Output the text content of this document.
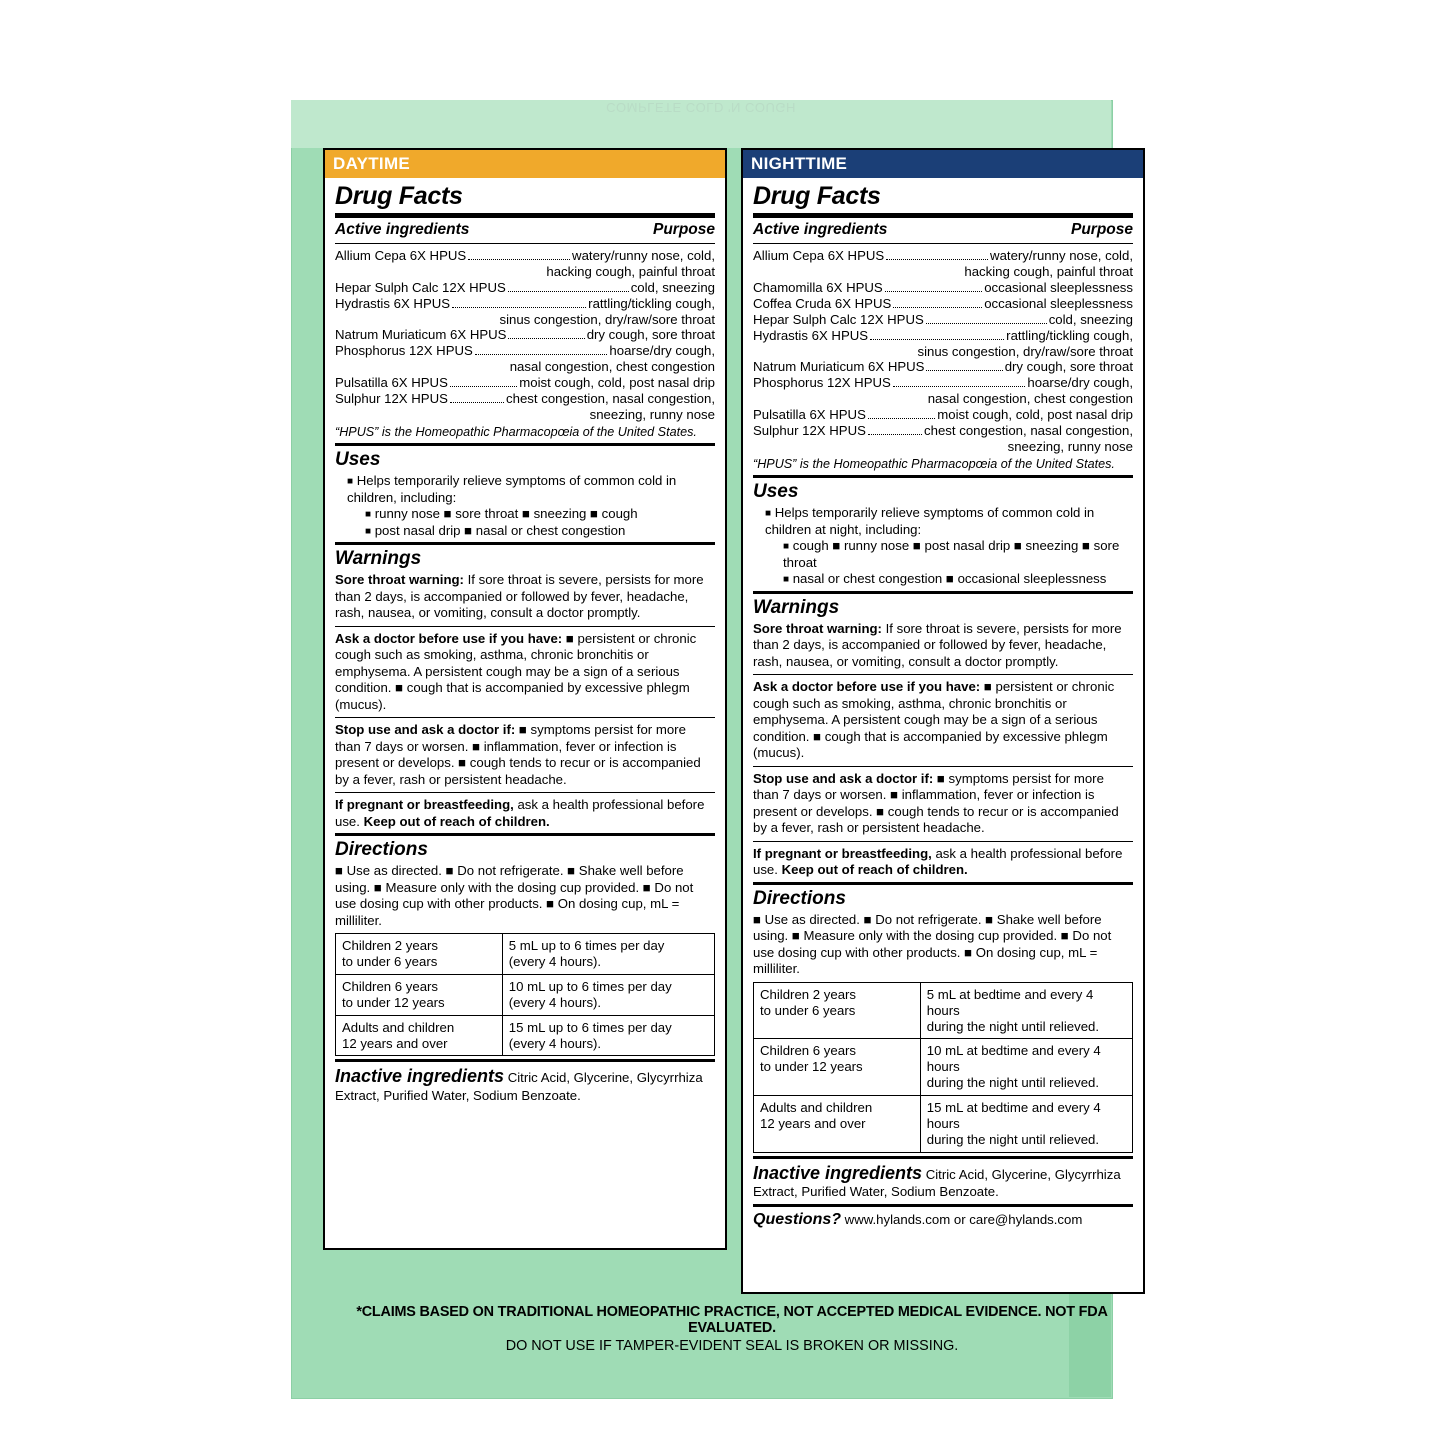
COMPLETE COLD 'N COUGH
DAYTIME
Drug Facts
Active ingredients	Purpose
Allium Cepa 6X HPUS	watery/runny nose, cold,
hacking cough, painful throat
Hepar Sulph Calc 12X HPUS	cold, sneezing
Hydrastis 6X HPUS	rattling/tickling cough,
sinus congestion, dry/raw/sore throat
Natrum Muriaticum 6X HPUS	dry cough, sore throat
Phosphorus 12X HPUS	hoarse/dry cough,
nasal congestion, chest congestion
Pulsatilla 6X HPUS	moist cough, cold, post nasal drip
Sulphur 12X HPUS	chest congestion, nasal congestion,
sneezing, runny nose
“HPUS” is the Homeopathic Pharmacopœia of the United States.
Uses
■ Helps temporarily relieve symptoms of common cold in children, including:
■ runny nose ■ sore throat ■ sneezing ■ cough
■ post nasal drip ■ nasal or chest congestion
Warnings
Sore throat warning: If sore throat is severe, persists for more than 2 days, is accompanied or followed by fever, headache, rash, nausea, or vomiting, consult a doctor promptly.
Ask a doctor before use if you have: ■ persistent or chronic cough such as smoking, asthma, chronic bronchitis or emphysema. A persistent cough may be a sign of a serious condition. ■ cough that is accompanied by excessive phlegm (mucus).
Stop use and ask a doctor if: ■ symptoms persist for more than 7 days or worsen. ■ inflammation, fever or infection is present or develops. ■ cough tends to recur or is accompanied by a fever, rash or persistent headache.
If pregnant or breastfeeding, ask a health professional before use. Keep out of reach of children.
Directions
■ Use as directed. ■ Do not refrigerate. ■ Shake well before using. ■ Measure only with the dosing cup provided. ■ Do not use dosing cup with other products. ■ On dosing cup, mL = milliliter.
Children 2 years
to under 6 years	5 mL up to 6 times per day
(every 4 hours).
Children 6 years
to under 12 years	10 mL up to 6 times per day
(every 4 hours).
Adults and children
12 years and over	15 mL up to 6 times per day
(every 4 hours).
Inactive ingredients Citric Acid, Glycerine, Glycyrrhiza Extract, Purified Water, Sodium Benzoate.
NIGHTTIME
Drug Facts
Active ingredients	Purpose
Allium Cepa 6X HPUS	watery/runny nose, cold,
hacking cough, painful throat
Chamomilla 6X HPUS	occasional sleeplessness
Coffea Cruda 6X HPUS	occasional sleeplessness
Hepar Sulph Calc 12X HPUS	cold, sneezing
Hydrastis 6X HPUS	rattling/tickling cough,
sinus congestion, dry/raw/sore throat
Natrum Muriaticum 6X HPUS	dry cough, sore throat
Phosphorus 12X HPUS	hoarse/dry cough,
nasal congestion, chest congestion
Pulsatilla 6X HPUS	moist cough, cold, post nasal drip
Sulphur 12X HPUS	chest congestion, nasal congestion,
sneezing, runny nose
“HPUS” is the Homeopathic Pharmacopœia of the United States.
Uses
■ Helps temporarily relieve symptoms of common cold in children at night, including:
■ cough ■ runny nose ■ post nasal drip ■ sneezing ■ sore throat
■ nasal or chest congestion ■ occasional sleeplessness
Warnings
Sore throat warning: If sore throat is severe, persists for more than 2 days, is accompanied or followed by fever, headache, rash, nausea, or vomiting, consult a doctor promptly.
Ask a doctor before use if you have: ■ persistent or chronic cough such as smoking, asthma, chronic bronchitis or emphysema. A persistent cough may be a sign of a serious condition. ■ cough that is accompanied by excessive phlegm (mucus).
Stop use and ask a doctor if: ■ symptoms persist for more than 7 days or worsen. ■ inflammation, fever or infection is present or develops. ■ cough tends to recur or is accompanied by a fever, rash or persistent headache.
If pregnant or breastfeeding, ask a health professional before use. Keep out of reach of children.
Directions
■ Use as directed. ■ Do not refrigerate. ■ Shake well before using. ■ Measure only with the dosing cup provided. ■ Do not use dosing cup with other products. ■ On dosing cup, mL = milliliter.
Children 2 years
to under 6 years	5 mL at bedtime and every 4 hours
during the night until relieved.
Children 6 years
to under 12 years	10 mL at bedtime and every 4 hours
during the night until relieved.
Adults and children
12 years and over	15 mL at bedtime and every 4 hours
during the night until relieved.
Inactive ingredients Citric Acid, Glycerine, Glycyrrhiza Extract, Purified Water, Sodium Benzoate.
Questions? www.hylands.com or care@hylands.com
*CLAIMS BASED ON TRADITIONAL HOMEOPATHIC PRACTICE, NOT ACCEPTED MEDICAL EVIDENCE. NOT FDA EVALUATED.
DO NOT USE IF TAMPER-EVIDENT SEAL IS BROKEN OR MISSING.
